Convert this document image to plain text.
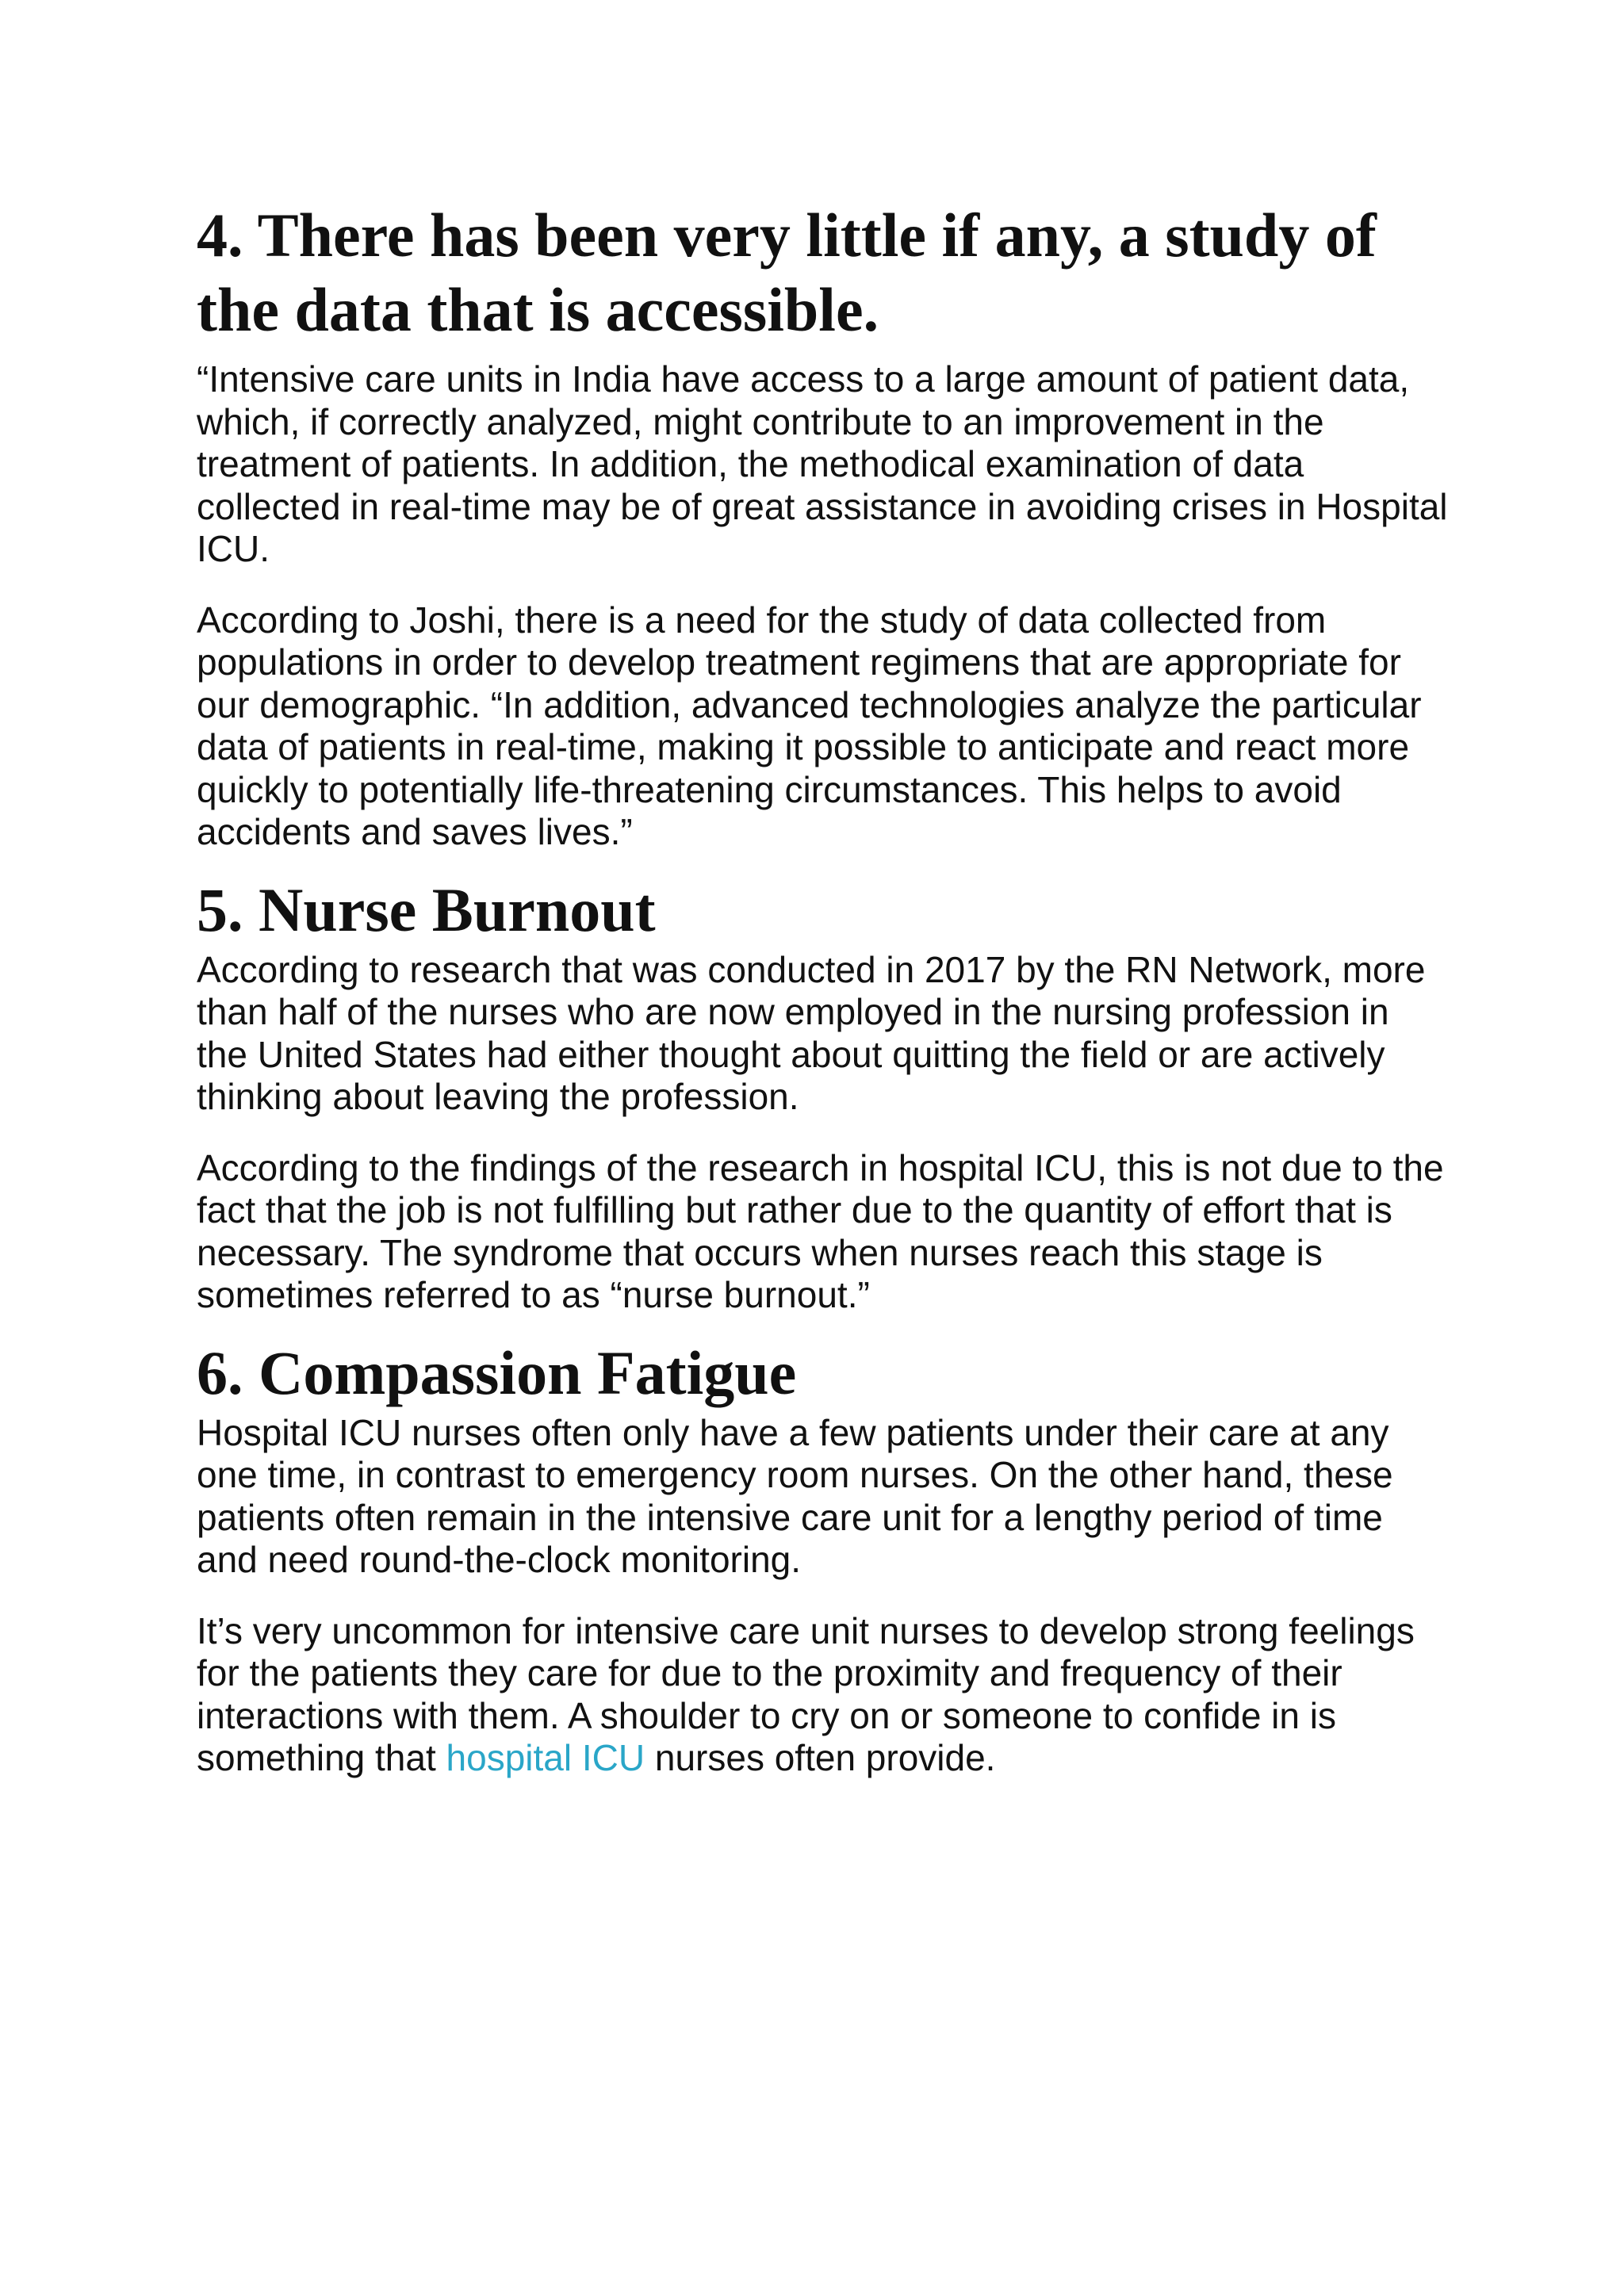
4. There has been very little if any, a study of the data that is accessible.

“Intensive care units in India have access to a large amount of patient data, which, if correctly analyzed, might contribute to an improvement in the treatment of patients. In addition, the methodical examination of data collected in real-time may be of great assistance in avoiding crises in Hospital ICU.

According to Joshi, there is a need for the study of data collected from populations in order to develop treatment regimens that are appropriate for our demographic. “In addition, advanced technologies analyze the particular data of patients in real-time, making it possible to anticipate and react more quickly to potentially life-threatening circumstances. This helps to avoid accidents and saves lives.”

5. Nurse Burnout

According to research that was conducted in 2017 by the RN Network, more than half of the nurses who are now employed in the nursing profession in the United States had either thought about quitting the field or are actively thinking about leaving the profession.

According to the findings of the research in hospital ICU, this is not due to the fact that the job is not fulfilling but rather due to the quantity of effort that is necessary. The syndrome that occurs when nurses reach this stage is sometimes referred to as “nurse burnout.”

6. Compassion Fatigue

Hospital ICU nurses often only have a few patients under their care at any one time, in contrast to emergency room nurses. On the other hand, these patients often remain in the intensive care unit for a lengthy period of time and need round-the-clock monitoring.

It’s very uncommon for intensive care unit nurses to develop strong feelings for the patients they care for due to the proximity and frequency of their interactions with them. A shoulder to cry on or someone to confide in is something that hospital ICU nurses often provide.
